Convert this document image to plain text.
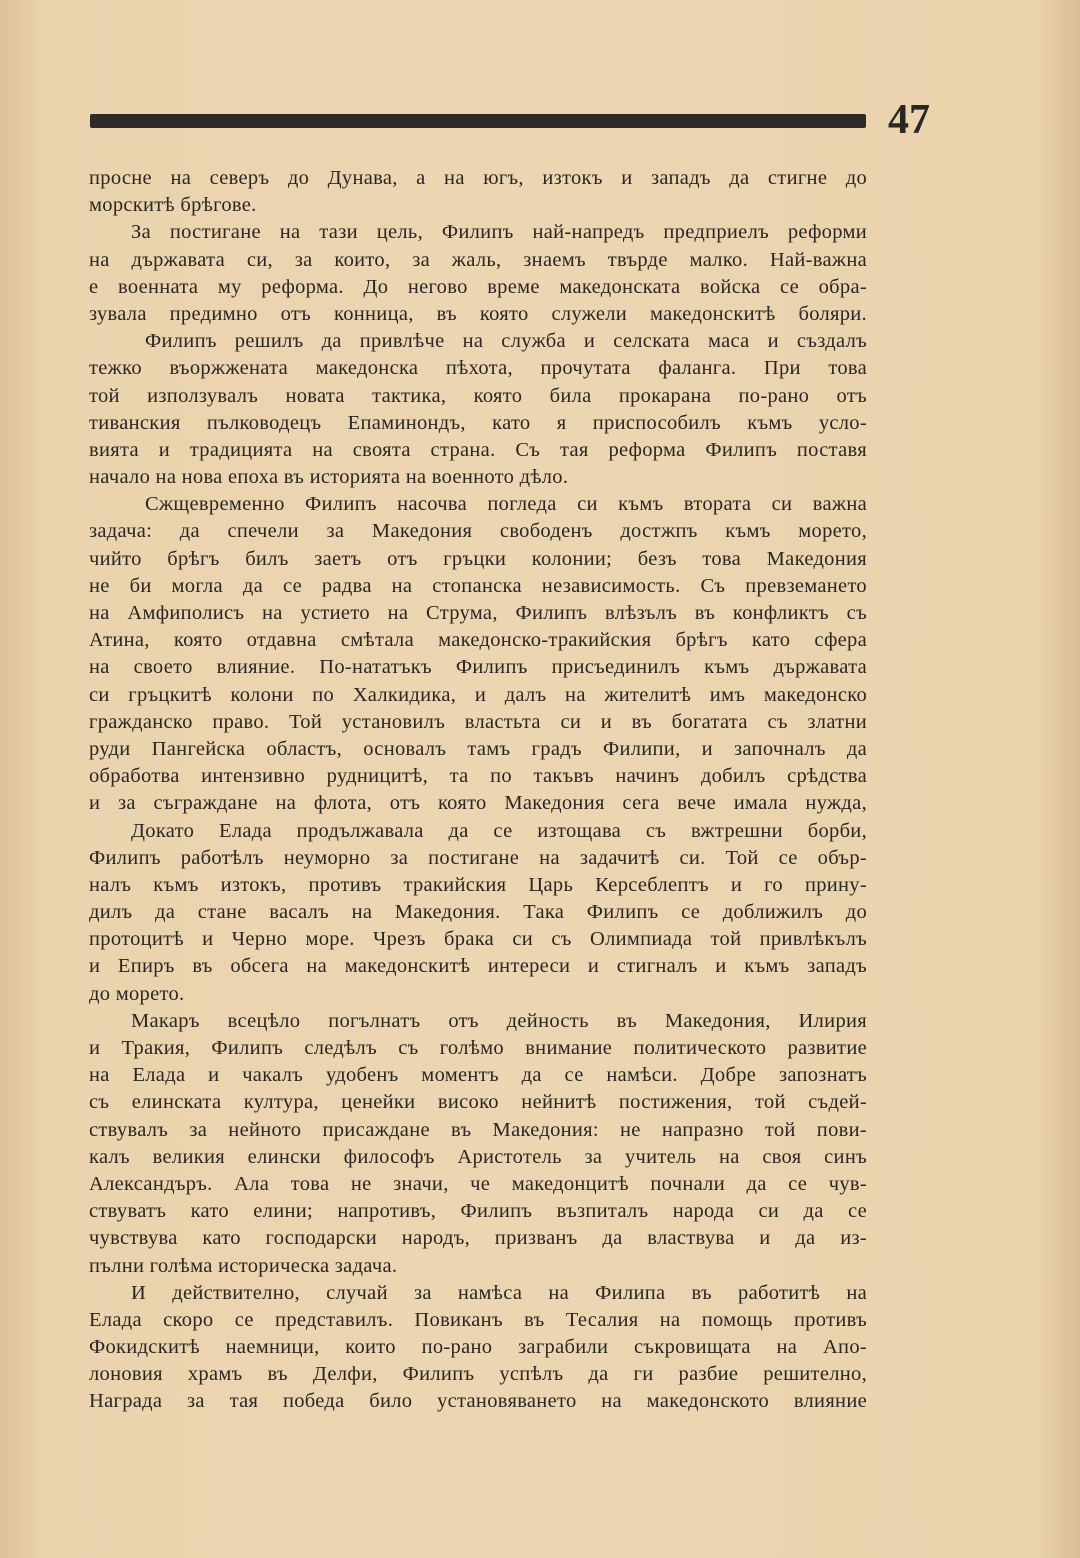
47
просне на северъ до Дунава, а на югъ, изтокъ и западъ да стигне до
морскитѣ брѣгове.
За постигане на тази цель, Филипъ най-напредъ предприелъ реформи
на държавата си, за които, за жаль, знаемъ твърде малко. Най-важна
е военната му реформа. До негово време македонската войска се обра-
зувала предимно отъ конница, въ която служели македонскитѣ боляри.
Филипъ решилъ да привлѣче на служба и селската маса и създалъ
тежко въоржжената македонска пѣхота, прочутата фаланга. При това
той използувалъ новата тактика, която била прокарана по-рано отъ
тиванския пълководецъ Епаминондъ, като я приспособилъ къмъ усло-
вията и традицията на своята страна. Съ тая реформа Филипъ поставя
начало на нова епоха въ историята на военното дѣло.
Сжщевременно Филипъ насочва погледа си къмъ втората си важна
задача: да спечели за Македония свободенъ достжпъ къмъ морето,
чийто брѣгъ билъ заетъ отъ гръцки колонии; безъ това Македония
не би могла да се радва на стопанска независимость. Съ превземането
на Амфиполисъ на устието на Струма, Филипъ влѣзълъ въ конфликтъ съ
Атина, която отдавна смѣтала македонско-тракийския брѣгъ като сфера
на своето влияние. По-нататъкъ Филипъ присъединилъ къмъ държавата
си гръцкитѣ колони по Халкидика, и далъ на жителитѣ имъ македонско
гражданско право. Той установилъ властьта си и въ богатата съ златни
руди Пангейска областъ, основалъ тамъ градъ Филипи, и започналъ да
обработва интензивно рудницитѣ, та по такъвъ начинъ добилъ срѣдства
и за съграждане на флота, отъ която Македония сега вече имала нужда,
Докато Елада продължавала да се изтощава съ вжтрешни борби,
Филипъ работѣлъ неуморно за постигане на задачитѣ си. Той се обър-
налъ къмъ изтокъ, противъ тракийския Царь Керсеблептъ и го прину-
дилъ да стане васалъ на Македония. Така Филипъ се доближилъ до
протоцитѣ и Черно море. Чрезъ брака си съ Олимпиада той привлѣкълъ
и Епиръ въ обсега на македонскитѣ интереси и стигналъ и къмъ западъ
до морето.
Макаръ всецѣло погълнатъ отъ дейность въ Македония, Илирия
и Тракия, Филипъ следѣлъ съ голѣмо внимание политическото развитие
на Елада и чакалъ удобенъ моментъ да се намѣси. Добре запознатъ
съ елинската култура, ценейки високо нейнитѣ постижения, той съдей-
ствувалъ за нейното присаждане въ Македония: не напразно той пови-
калъ великия елински философъ Аристотель за учитель на своя синъ
Александъръ. Ала това не значи, че македонцитѣ почнали да се чув-
ствуватъ като елини; напротивъ, Филипъ възпиталъ народа си да се
чувствува като господарски народъ, призванъ да властвува и да из-
пълни голѣма историческа задача.
И действително, случай за намѣса на Филипа въ работитѣ на
Елада скоро се представилъ. Повиканъ въ Тесалия на помощь противъ
Фокидскитѣ наемници, които по-рано заграбили съкровищата на Апо-
лоновия храмъ въ Делфи, Филипъ успѣлъ да ги разбие решително,
Награда за тая победа било установяването на македонското влияние
